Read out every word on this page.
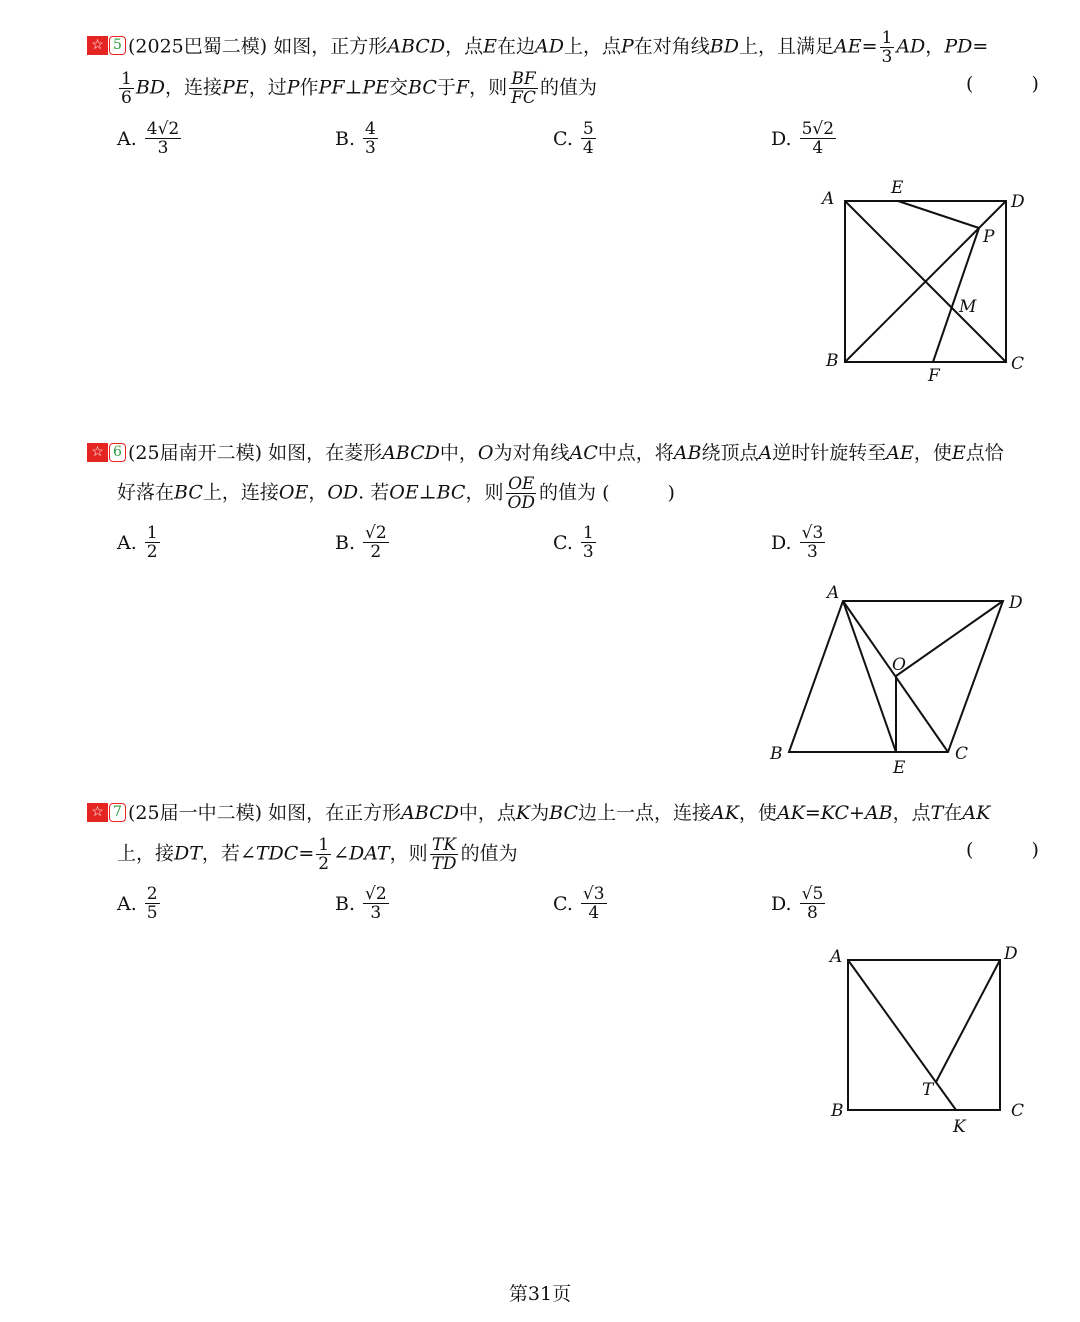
☆ 5 (2025巴蜀二模) 如图，正方形ABCD，点E在边AD上，点P在对角线BD上，且满足$AE= \frac{1}{3}$ AD，PD=
$\frac{1}{6}$ BD，连接PE，过P作PF⊥PE交BC于F，则 $\frac{BF}{FC}$ 的值为	( )
A. $\frac{4√2}{3}$	B. $\frac{4}{3}$	C. $\frac{5}{4}$	D. $\frac{5√2}{4}$
A
E
D
P
M
B
F
C
☆ 6 (25届南开二模) 如图，在菱形ABCD中，O为对角线AC中点，将AB绕顶点A逆时针旋转至AE，使E点恰
好落在BC上，连接OE，OD. 若OE⊥BC，则 $\frac{OE}{OD}$ 的值为 ( )
A. $\frac{1}{2}$	B. $\frac{√2}{2}$	C. $\frac{1}{3}$	D. $\frac{√3}{3}$
A	D
O
B
E
C
☆ 7 (25届一中二模) 如图，在正方形ABCD中，点K为BC边上一点，连接AK，使AK=KC+AB，点T在AK
上，接DT，若∠TDC= $\frac{1}{2}$ ∠DAT，则 $\frac{TK}{TD}$ 的值为	( )
A. $\frac{2}{5}$	B. $\frac{√2}{3}$	C. $\frac{√3}{4}$	D. $\frac{√5}{8}$
A	D
T
B
K
C
第31页
